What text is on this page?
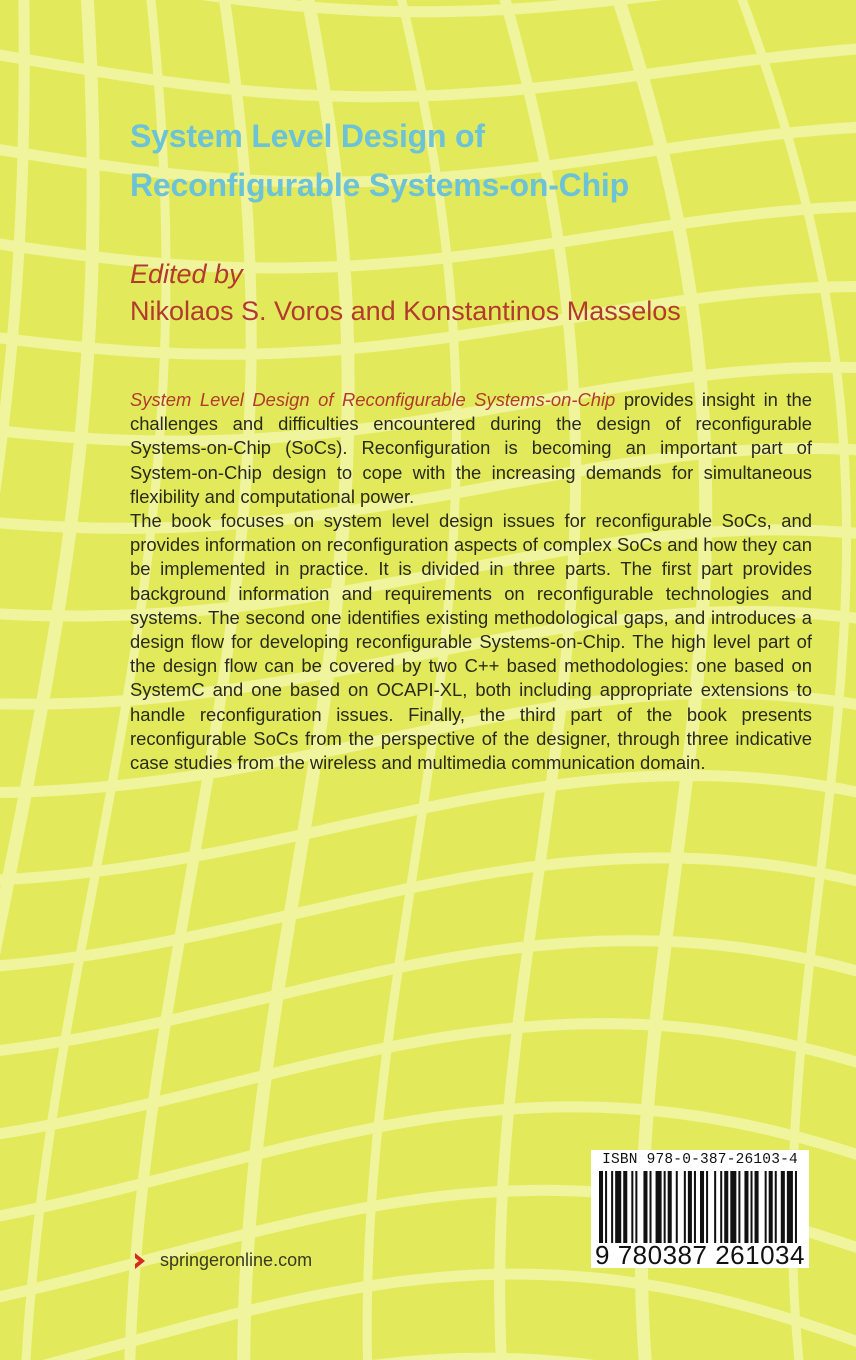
System Level Design of
Reconfigurable Systems-on-Chip
Edited by
Nikolaos S. Voros and Konstantinos Masselos

System Level Design of Reconfigurable Systems-on-Chip provides insight in the challenges and difficulties encountered during the design of reconfigurable Systems-on-Chip (SoCs). Reconfiguration is becoming an important part of System-on-Chip design to cope with the increasing demands for simultaneous flexibility and computational power.

The book focuses on system level design issues for reconfigurable SoCs, and provides information on reconfiguration aspects of complex SoCs and how they can be implemented in practice. It is divided in three parts. The first part provides background information and requirements on reconfigurable technologies and systems. The second one identifies existing methodological gaps, and introduces a design flow for developing reconfigurable Systems-on-Chip. The high level part of the design flow can be covered by two C++ based methodologies: one based on SystemC and one based on OCAPI-XL, both including appropriate extensions to handle reconfiguration issues. Finally, the third part of the book presents reconfigurable SoCs from the perspective of the designer, through three indicative case studies from the wireless and multimedia communication domain.

ISBN 978-0-387-26103-4
9 780387 261034
springeronline.com
